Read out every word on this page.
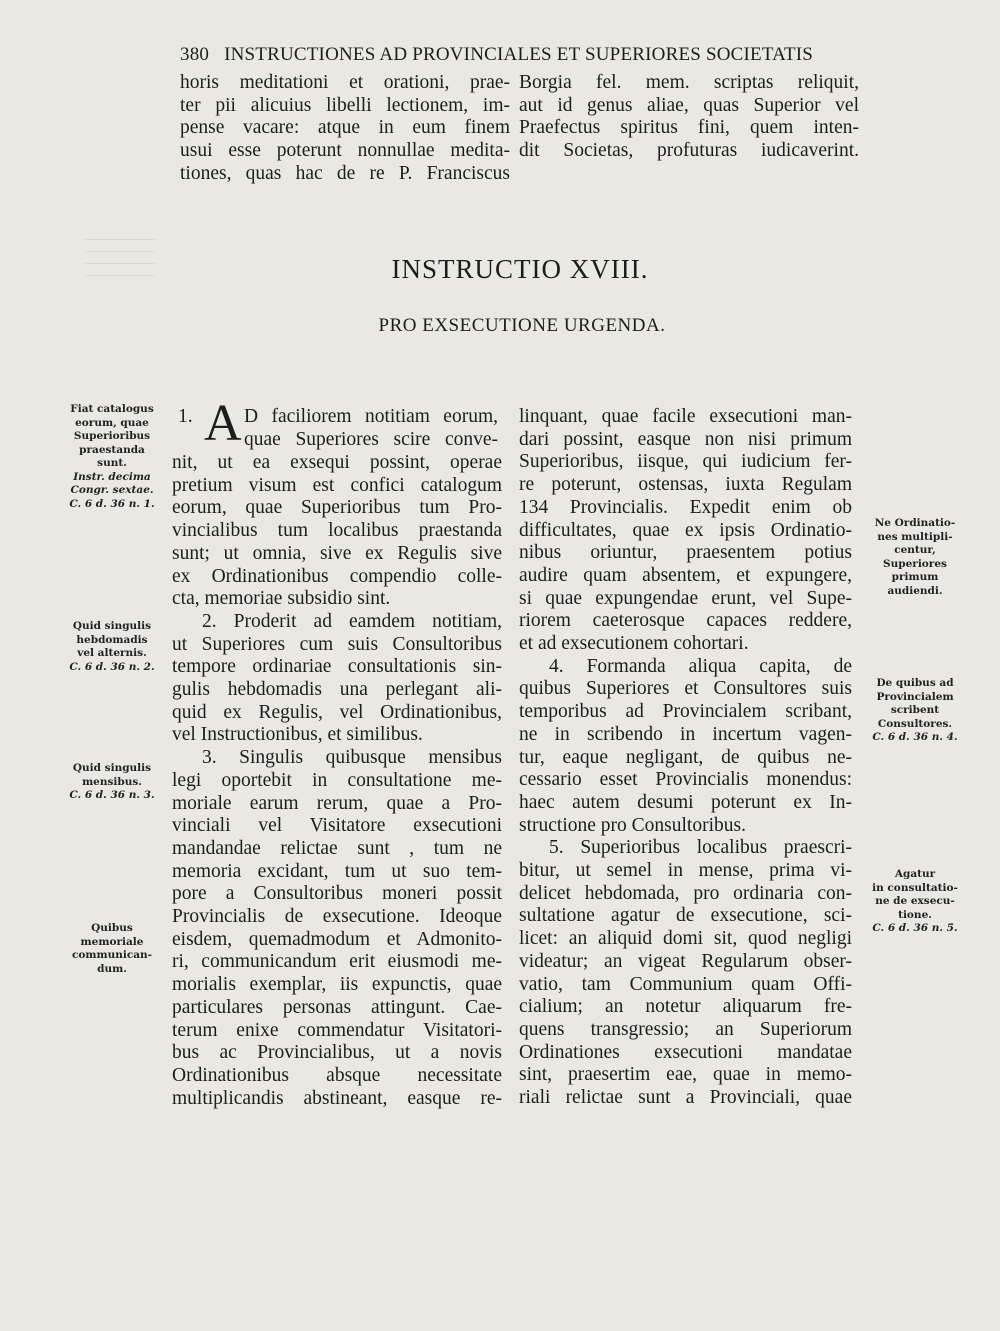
380 INSTRUCTIONES AD PROVINCIALES ET SUPERIORES SOCIETATIS
horis meditationi et orationi, prae-
ter pii alicuius libelli lectionem, im-
pense vacare: atque in eum finem
usui esse poterunt nonnullae medita-
tiones, quas hac de re P. Franciscus
Borgia fel. mem. scriptas reliquit,
aut id genus aliae, quas Superior vel
Praefectus spiritus fini, quem inten-
dit Societas, profuturas iudicaverint.
INSTRUCTIO XVIII.
PRO EXSECUTIONE URGENDA.
1. A D faciliorem notitiam eorum,
quae Superiores scire conve-
nit, ut ea exsequi possint, operae
pretium visum est confici catalogum
eorum, quae Superioribus tum Pro-
vincialibus tum localibus praestanda
sunt; ut omnia, sive ex Regulis sive
ex Ordinationibus compendio colle-
cta, memoriae subsidio sint.
2. Proderit ad eamdem notitiam,
ut Superiores cum suis Consultoribus
tempore ordinariae consultationis sin-
gulis hebdomadis una perlegant ali-
quid ex Regulis, vel Ordinationibus,
vel Instructionibus, et similibus.
3. Singulis quibusque mensibus
legi oportebit in consultatione me-
moriale earum rerum, quae a Pro-
vinciali vel Visitatore exsecutioni
mandandae relictae sunt , tum ne
memoria excidant, tum ut suo tem-
pore a Consultoribus moneri possit
Provincialis de exsecutione. Ideoque
eisdem, quemadmodum et Admonito-
ri, communicandum erit eiusmodi me-
morialis exemplar, iis expunctis, quae
particulares personas attingunt. Cae-
terum enixe commendatur Visitatori-
bus ac Provincialibus, ut a novis
Ordinationibus absque necessitate
multiplicandis abstineant, easque re-
linquant, quae facile exsecutioni man-
dari possint, easque non nisi primum
Superioribus, iisque, qui iudicium fer-
re poterunt, ostensas, iuxta Regulam
134 Provincialis. Expedit enim ob
difficultates, quae ex ipsis Ordinatio-
nibus oriuntur, praesentem potius
audire quam absentem, et expungere,
si quae expungendae erunt, vel Supe-
riorem caeterosque capaces reddere,
et ad exsecutionem cohortari.
4. Formanda aliqua capita, de
quibus Superiores et Consultores suis
temporibus ad Provincialem scribant,
ne in scribendo in incertum vagen-
tur, eaque negligant, de quibus ne-
cessario esset Provincialis monendus:
haec autem desumi poterunt ex In-
structione pro Consultoribus.
5. Superioribus localibus praescri-
bitur, ut semel in mense, prima vi-
delicet hebdomada, pro ordinaria con-
sultatione agatur de exsecutione, sci-
licet: an aliquid domi sit, quod negligi
videatur; an vigeat Regularum obser-
vatio, tam Communium quam Offi-
cialium; an notetur aliquarum fre-
quens transgressio; an Superiorum
Ordinationes exsecutioni mandatae
sint, praesertim eae, quae in memo-
riali relictae sunt a Provinciali, quae
Fiat catalogus
eorum, quae
Superioribus
praestanda
sunt.
Instr. decima
Congr. sextae.
C. 6 d. 36 n. 1.
Quid singulis
hebdomadis
vel alternis.
C. 6 d. 36 n. 2.
Quid singulis
mensibus.
C. 6 d. 36 n. 3.
Quibus
memoriale
communican-
dum.
Ne Ordinatio-
nes multipli-
centur,
Superiores
primum
audiendi.
De quibus ad
Provincialem
scribent
Consultores.
C. 6 d. 36 n. 4.
Agatur
in consultatio-
ne de exsecu-
tione.
C. 6 d. 36 n. 5.
